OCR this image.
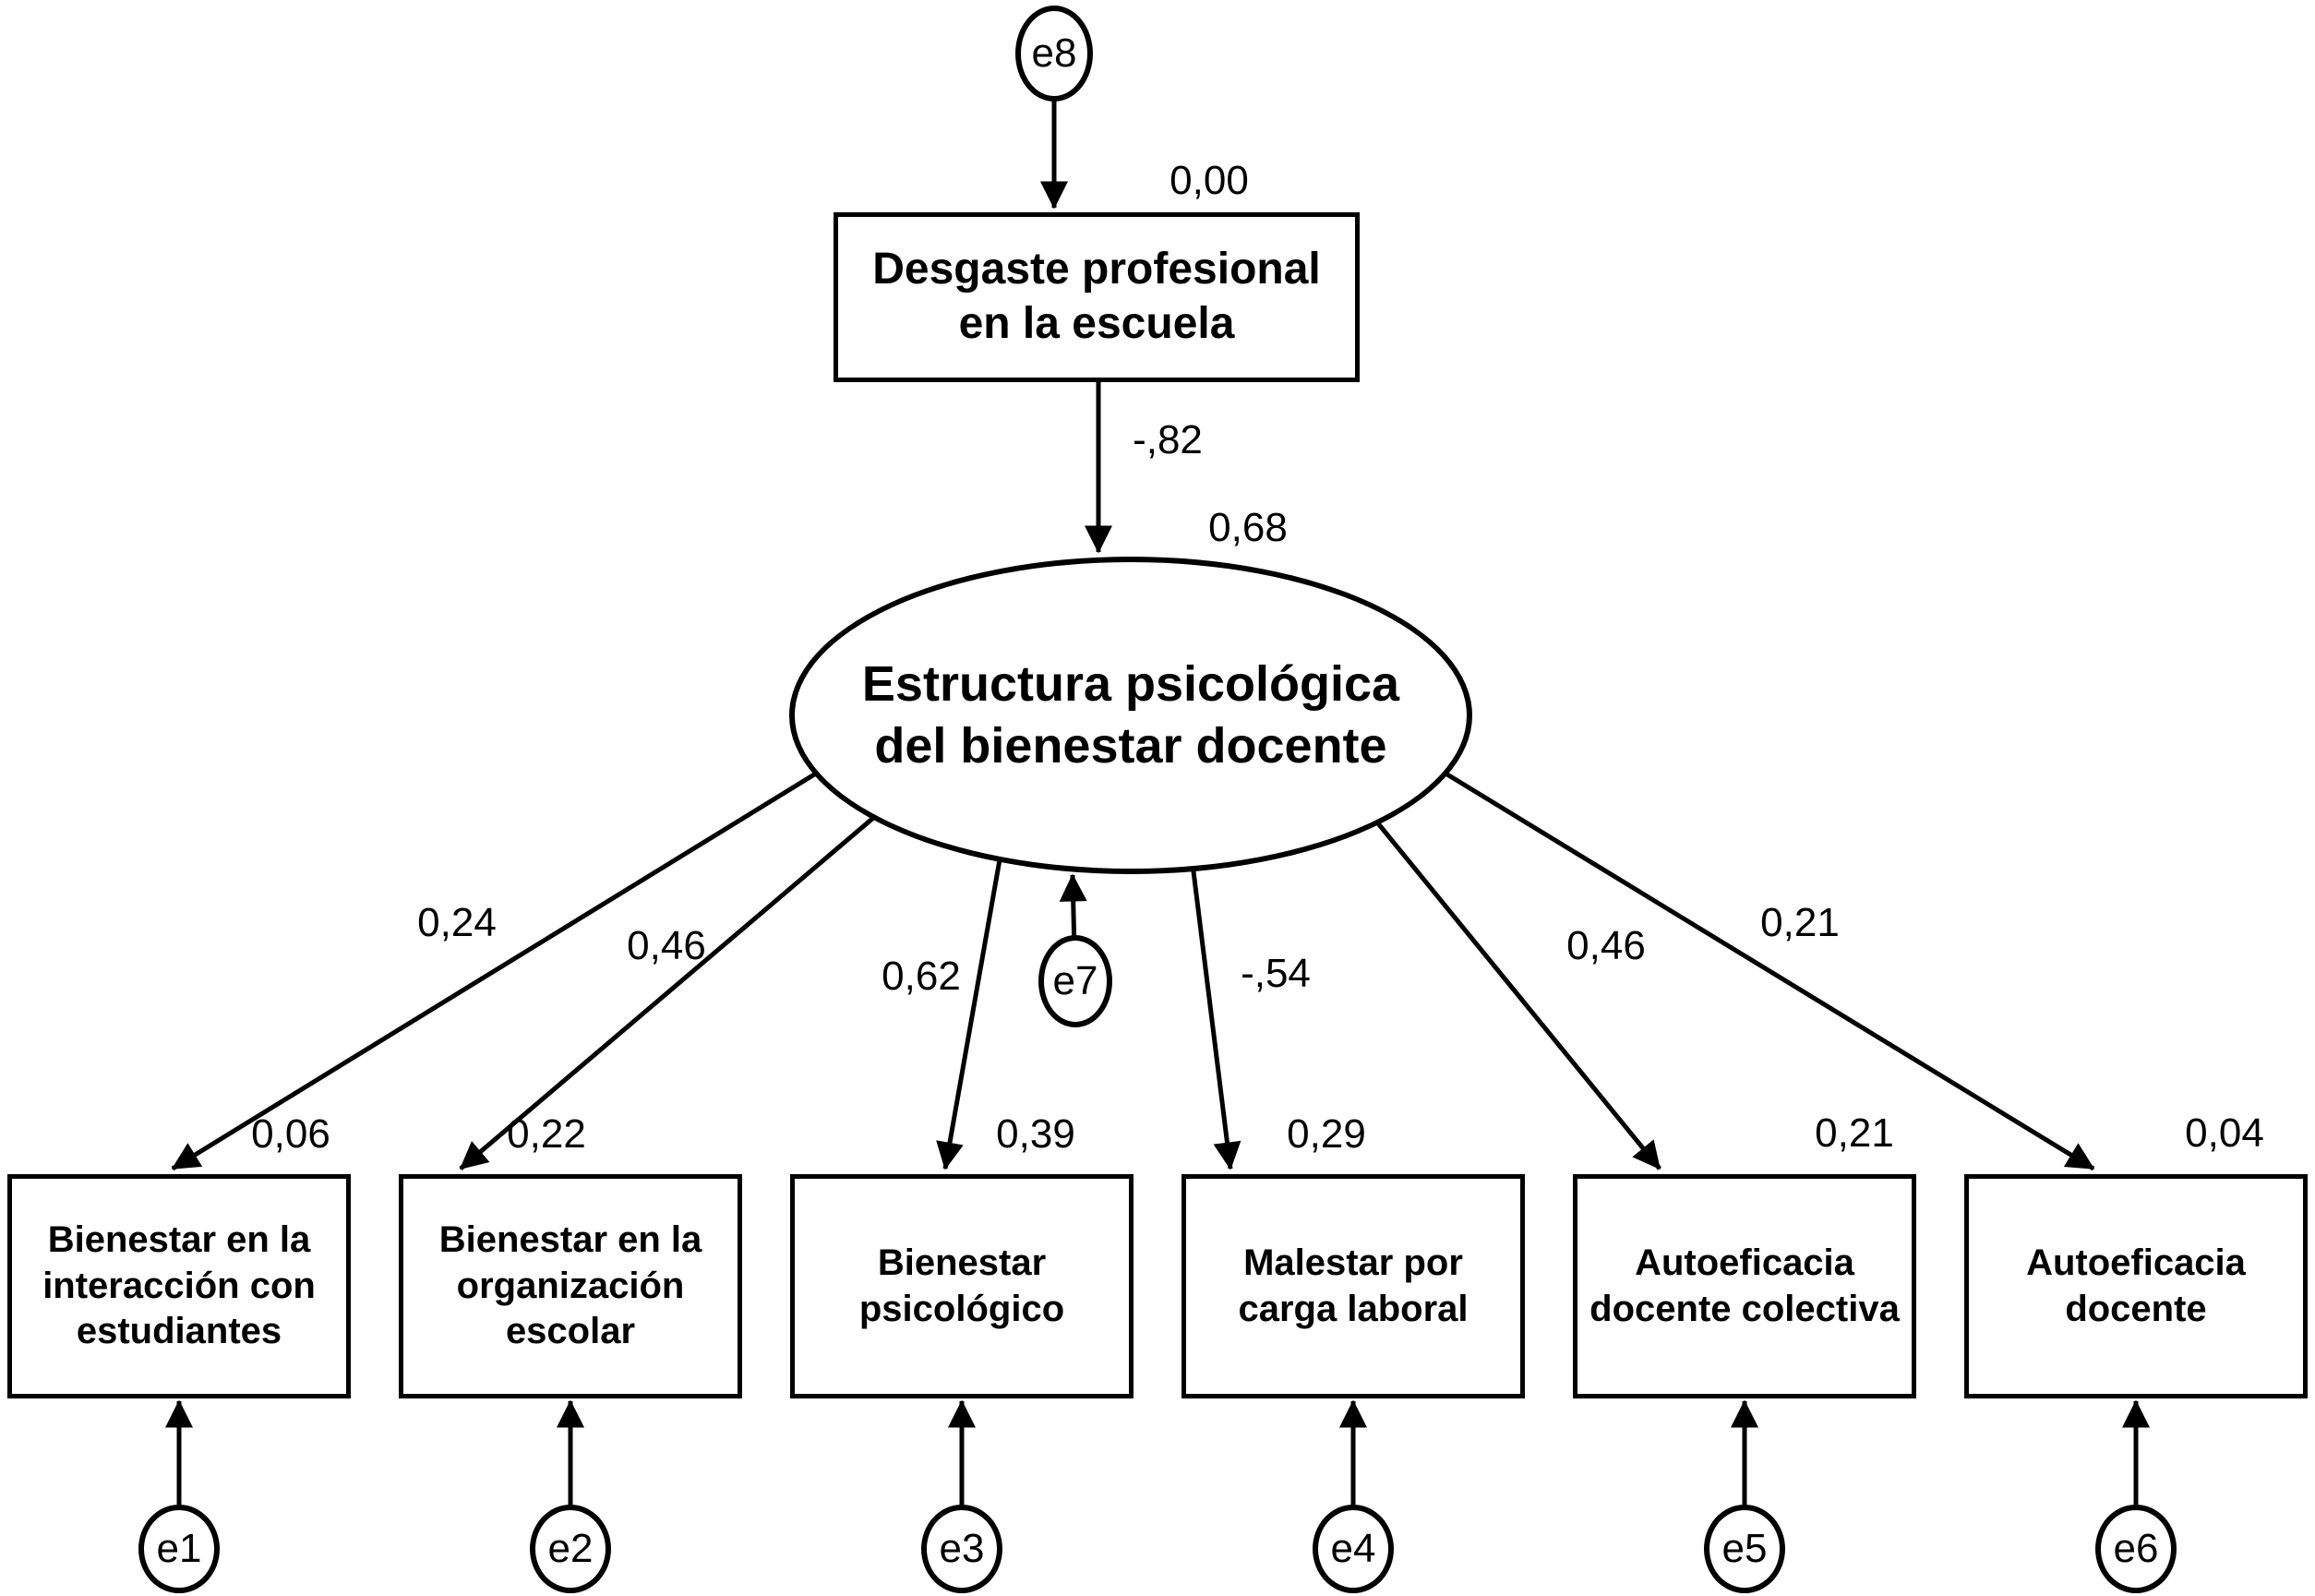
e8
Desgaste profesional en la escuela
Estructura psicológica del bienestar docente
e7
Bienestar en la interacción con estudiantes
Bienestar en la organización escolar
Bienestar psicológico
Malestar por carga laboral
Autoeficacia docente colectiva
Autoeficacia docente
e1	e2	e3	e4	e5	e6
0,00
-,82
0,68
0,24
0,46
0,62	-,54
0,46
0,21
0,06	0,22	0,39	0,29	0,21	0,04
